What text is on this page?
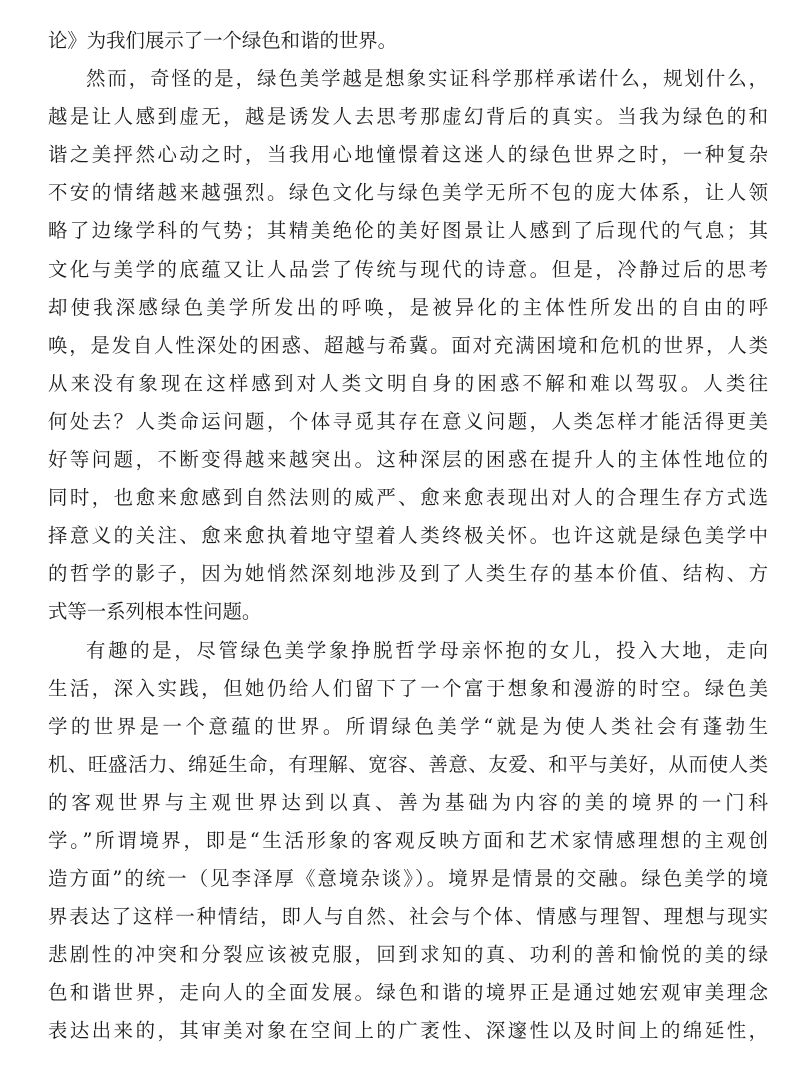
论》为我们展示了一个绿色和谐的世界。
然而，奇怪的是，绿色美学越是想象实证科学那样承诺什么，规划什么，
越是让人感到虚无，越是诱发人去思考那虚幻背后的真实。当我为绿色的和
谐之美抨然心动之时，当我用心地憧憬着这迷人的绿色世界之时，一种复杂
不安的情绪越来越强烈。绿色文化与绿色美学无所不包的庞大体系，让人领
略了边缘学科的气势；其精美绝伦的美好图景让人感到了后现代的气息；其
文化与美学的底蕴又让人品尝了传统与现代的诗意。但是，冷静过后的思考
却使我深感绿色美学所发出的呼唤，是被异化的主体性所发出的自由的呼
唤，是发自人性深处的困惑、超越与希冀。面对充满困境和危机的世界，人类
从来没有象现在这样感到对人类文明自身的困惑不解和难以驾驭。人类往
何处去？人类命运问题，个体寻觅其存在意义问题，人类怎样才能活得更美
好等问题，不断变得越来越突出。这种深层的困惑在提升人的主体性地位的
同时，也愈来愈感到自然法则的威严、愈来愈表现出对人的合理生存方式选
择意义的关注、愈来愈执着地守望着人类终极关怀。也许这就是绿色美学中
的哲学的影子，因为她悄然深刻地涉及到了人类生存的基本价值、结构、方
式等一系列根本性问题。
有趣的是，尽管绿色美学象挣脱哲学母亲怀抱的女儿，投入大地，走向
生活，深入实践，但她仍给人们留下了一个富于想象和漫游的时空。绿色美
学的世界是一个意蕴的世界。所谓绿色美学“就是为使人类社会有蓬勃生
机、旺盛活力、绵延生命，有理解、宽容、善意、友爱、和平与美好，从而使人类
的客观世界与主观世界达到以真、善为基础为内容的美的境界的一门科
学。”所谓境界，即是“生活形象的客观反映方面和艺术家情感理想的主观创
造方面”的统一（见李泽厚《意境杂谈》）。境界是情景的交融。绿色美学的境
界表达了这样一种情结，即人与自然、社会与个体、情感与理智、理想与现实
悲剧性的冲突和分裂应该被克服，回到求知的真、功利的善和愉悦的美的绿
色和谐世界，走向人的全面发展。绿色和谐的境界正是通过她宏观审美理念
表达出来的，其审美对象在空间上的广袤性、深邃性以及时间上的绵延性，
